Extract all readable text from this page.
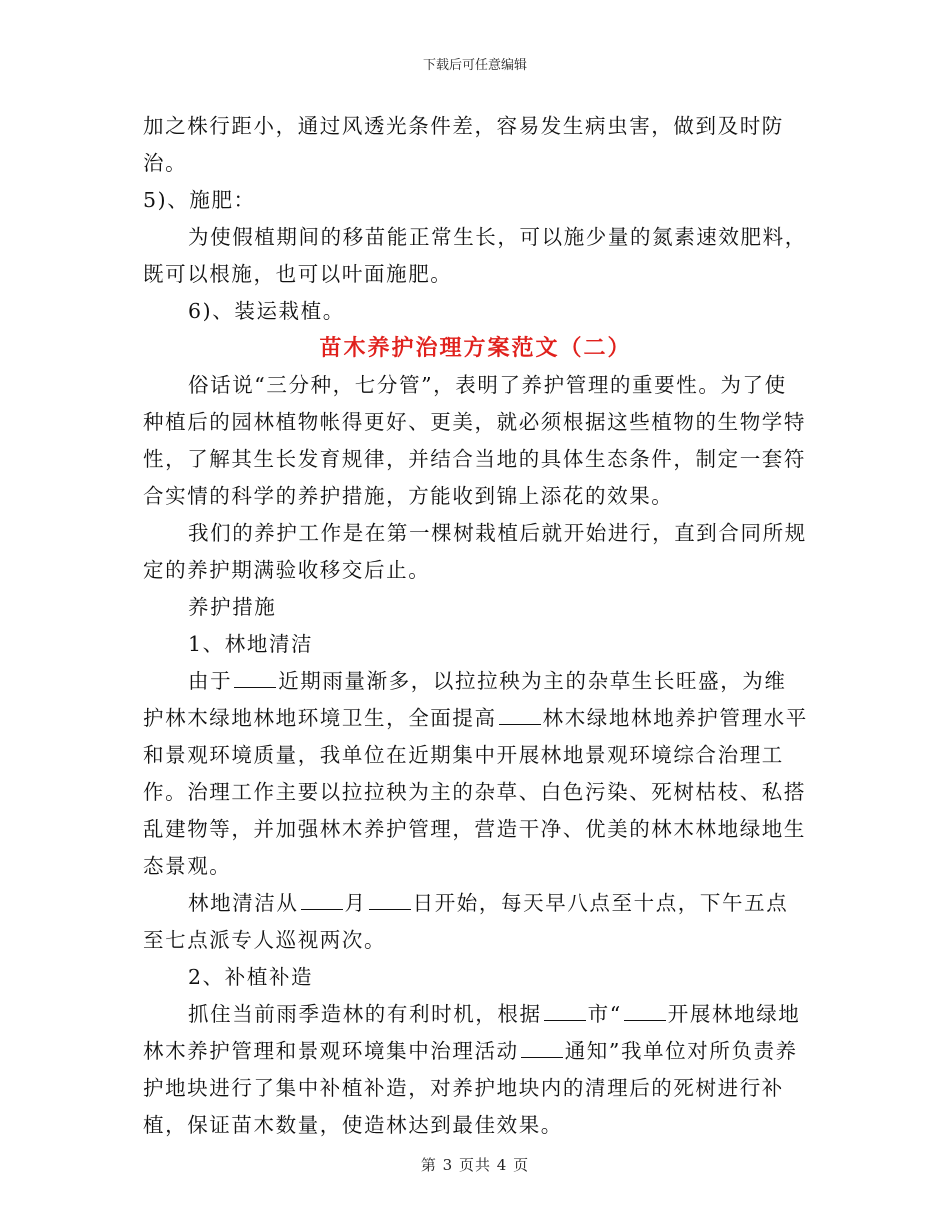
下载后可任意编辑

加之株行距小，通过风透光条件差，容易发生病虫害，做到及时防治。

5)、施肥：

为使假植期间的移苗能正常生长，可以施少量的氮素速效肥料，

既可以根施，也可以叶面施肥。

6)、装运栽植。

苗木养护治理方案范文（二）

俗话说“三分种，七分管”，表明了养护管理的重要性。为了使种植后的园林植物帐得更好、更美，就必须根据这些植物的生物学特性，了解其生长发育规律，并结合当地的具体生态条件，制定一套符合实情的科学的养护措施，方能收到锦上添花的效果。

我们的养护工作是在第一棵树栽植后就开始进行，直到合同所规定的养护期满验收移交后止。

养护措施

1、林地清洁

由于 近期雨量渐多，以拉拉秧为主的杂草生长旺盛，为维护林木绿地林地环境卫生，全面提高 林木绿地林地养护管理水平和景观环境质量，我单位在近期集中开展林地景观环境综合治理工作。治理工作主要以拉拉秧为主的杂草、白色污染、死树枯枝、私搭乱建物等，并加强林木养护管理，营造干净、优美的林木林地绿地生态景观。

林地清洁从 月 日开始，每天早八点至十点，下午五点至七点派专人巡视两次。

2、补植补造

抓住当前雨季造林的有利时机，根据 市“ 开展林地绿地林木养护管理和景观环境集中治理活动 通知”我单位对所负责养护地块进行了集中补植补造，对养护地块内的清理后的死树进行补植，保证苗木数量，使造林达到最佳效果。

第 3 页共 4 页
